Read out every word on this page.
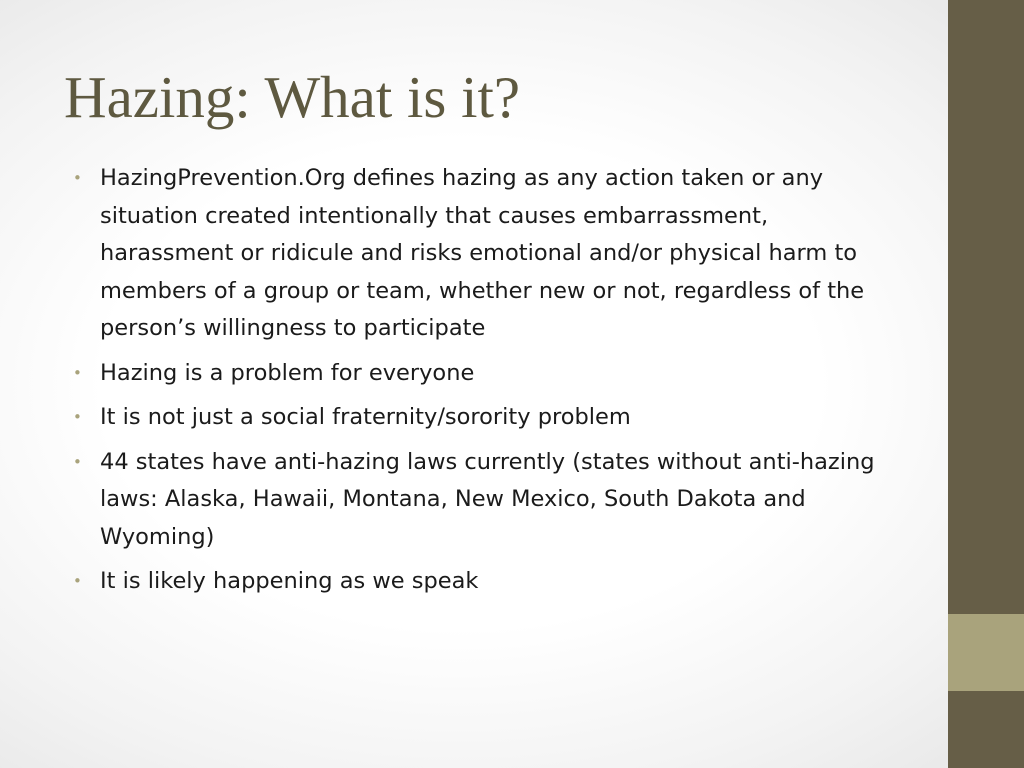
Hazing: What is it?
• HazingPrevention.Org defines hazing as any action taken or any situation created intentionally that causes embarrassment, harassment or ridicule and risks emotional and/or physical harm to members of a group or team, whether new or not, regardless of the person’s willingness to participate
• Hazing is a problem for everyone
• It is not just a social fraternity/sorority problem
• 44 states have anti-hazing laws currently (states without anti-hazing laws: Alaska, Hawaii, Montana, New Mexico, South Dakota and Wyoming)
• It is likely happening as we speak
